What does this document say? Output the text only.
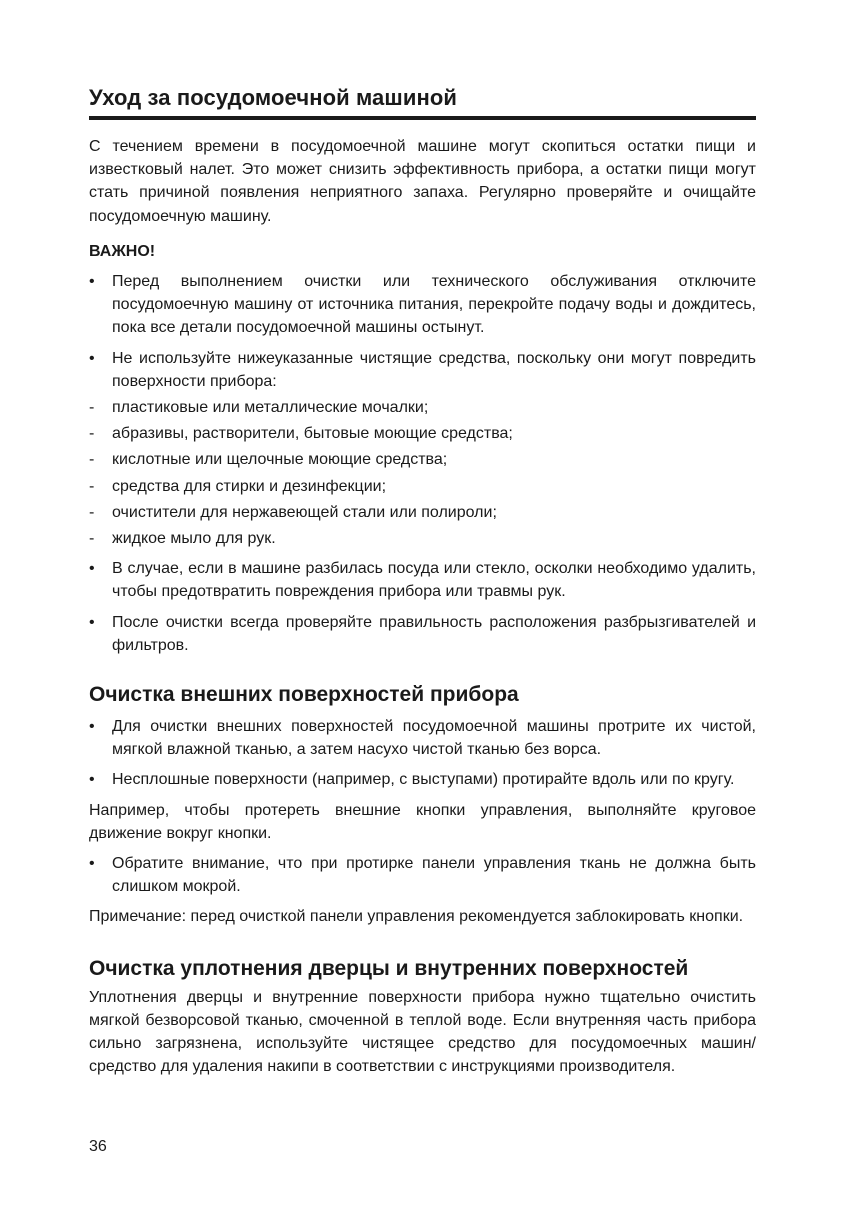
Уход за посудомоечной машиной

С течением времени в посудомоечной машине могут скопиться остатки пищи и известковый налет. Это может снизить эффективность прибора, а остатки пищи могут стать причиной появления неприятного запаха. Регулярно проверяйте и очищайте посудомоечную машину.

ВАЖНО!

•	Перед выполнением очистки или технического обслуживания отключите посудомоечную машину от источника питания, перекройте подачу воды и дождитесь, пока все детали посудомоечной машины остынут.
•	Не используйте нижеуказанные чистящие средства, поскольку они могут повредить поверхности прибора:
-	пластиковые или металлические мочалки;
-	абразивы, растворители, бытовые моющие средства;
-	кислотные или щелочные моющие средства;
-	средства для стирки и дезинфекции;
-	очистители для нержавеющей стали или полироли;
-	жидкое мыло для рук.
•	В случае, если в машине разбилась посуда или стекло, осколки необходимо удалить, чтобы предотвратить повреждения прибора или травмы рук.
•	После очистки всегда проверяйте правильность расположения разбрызгивателей и фильтров.
Очистка внешних поверхностей прибора
•	Для очистки внешних поверхностей посудомоечной машины протрите их чистой, мягкой влажной тканью, а затем насухо чистой тканью без ворса.
•	Несплошные поверхности (например, с выступами) протирайте вдоль или по кругу.

Например, чтобы протереть внешние кнопки управления, выполняйте круговое движение вокруг кнопки.

•	Обратите внимание, что при протирке панели управления ткань не должна быть слишком мокрой.

Примечание: перед очисткой панели управления рекомендуется заблокировать кнопки.

Очистка уплотнения дверцы и внутренних поверхностей

Уплотнения дверцы и внутренние поверхности прибора нужно тщательно очистить мягкой безворсовой тканью, смоченной в теплой воде. Если внутренняя часть прибора сильно загрязнена, используйте чистящее средство для посудомоечных машин/средство для удаления накипи в соответствии с инструкциями производителя.

36
